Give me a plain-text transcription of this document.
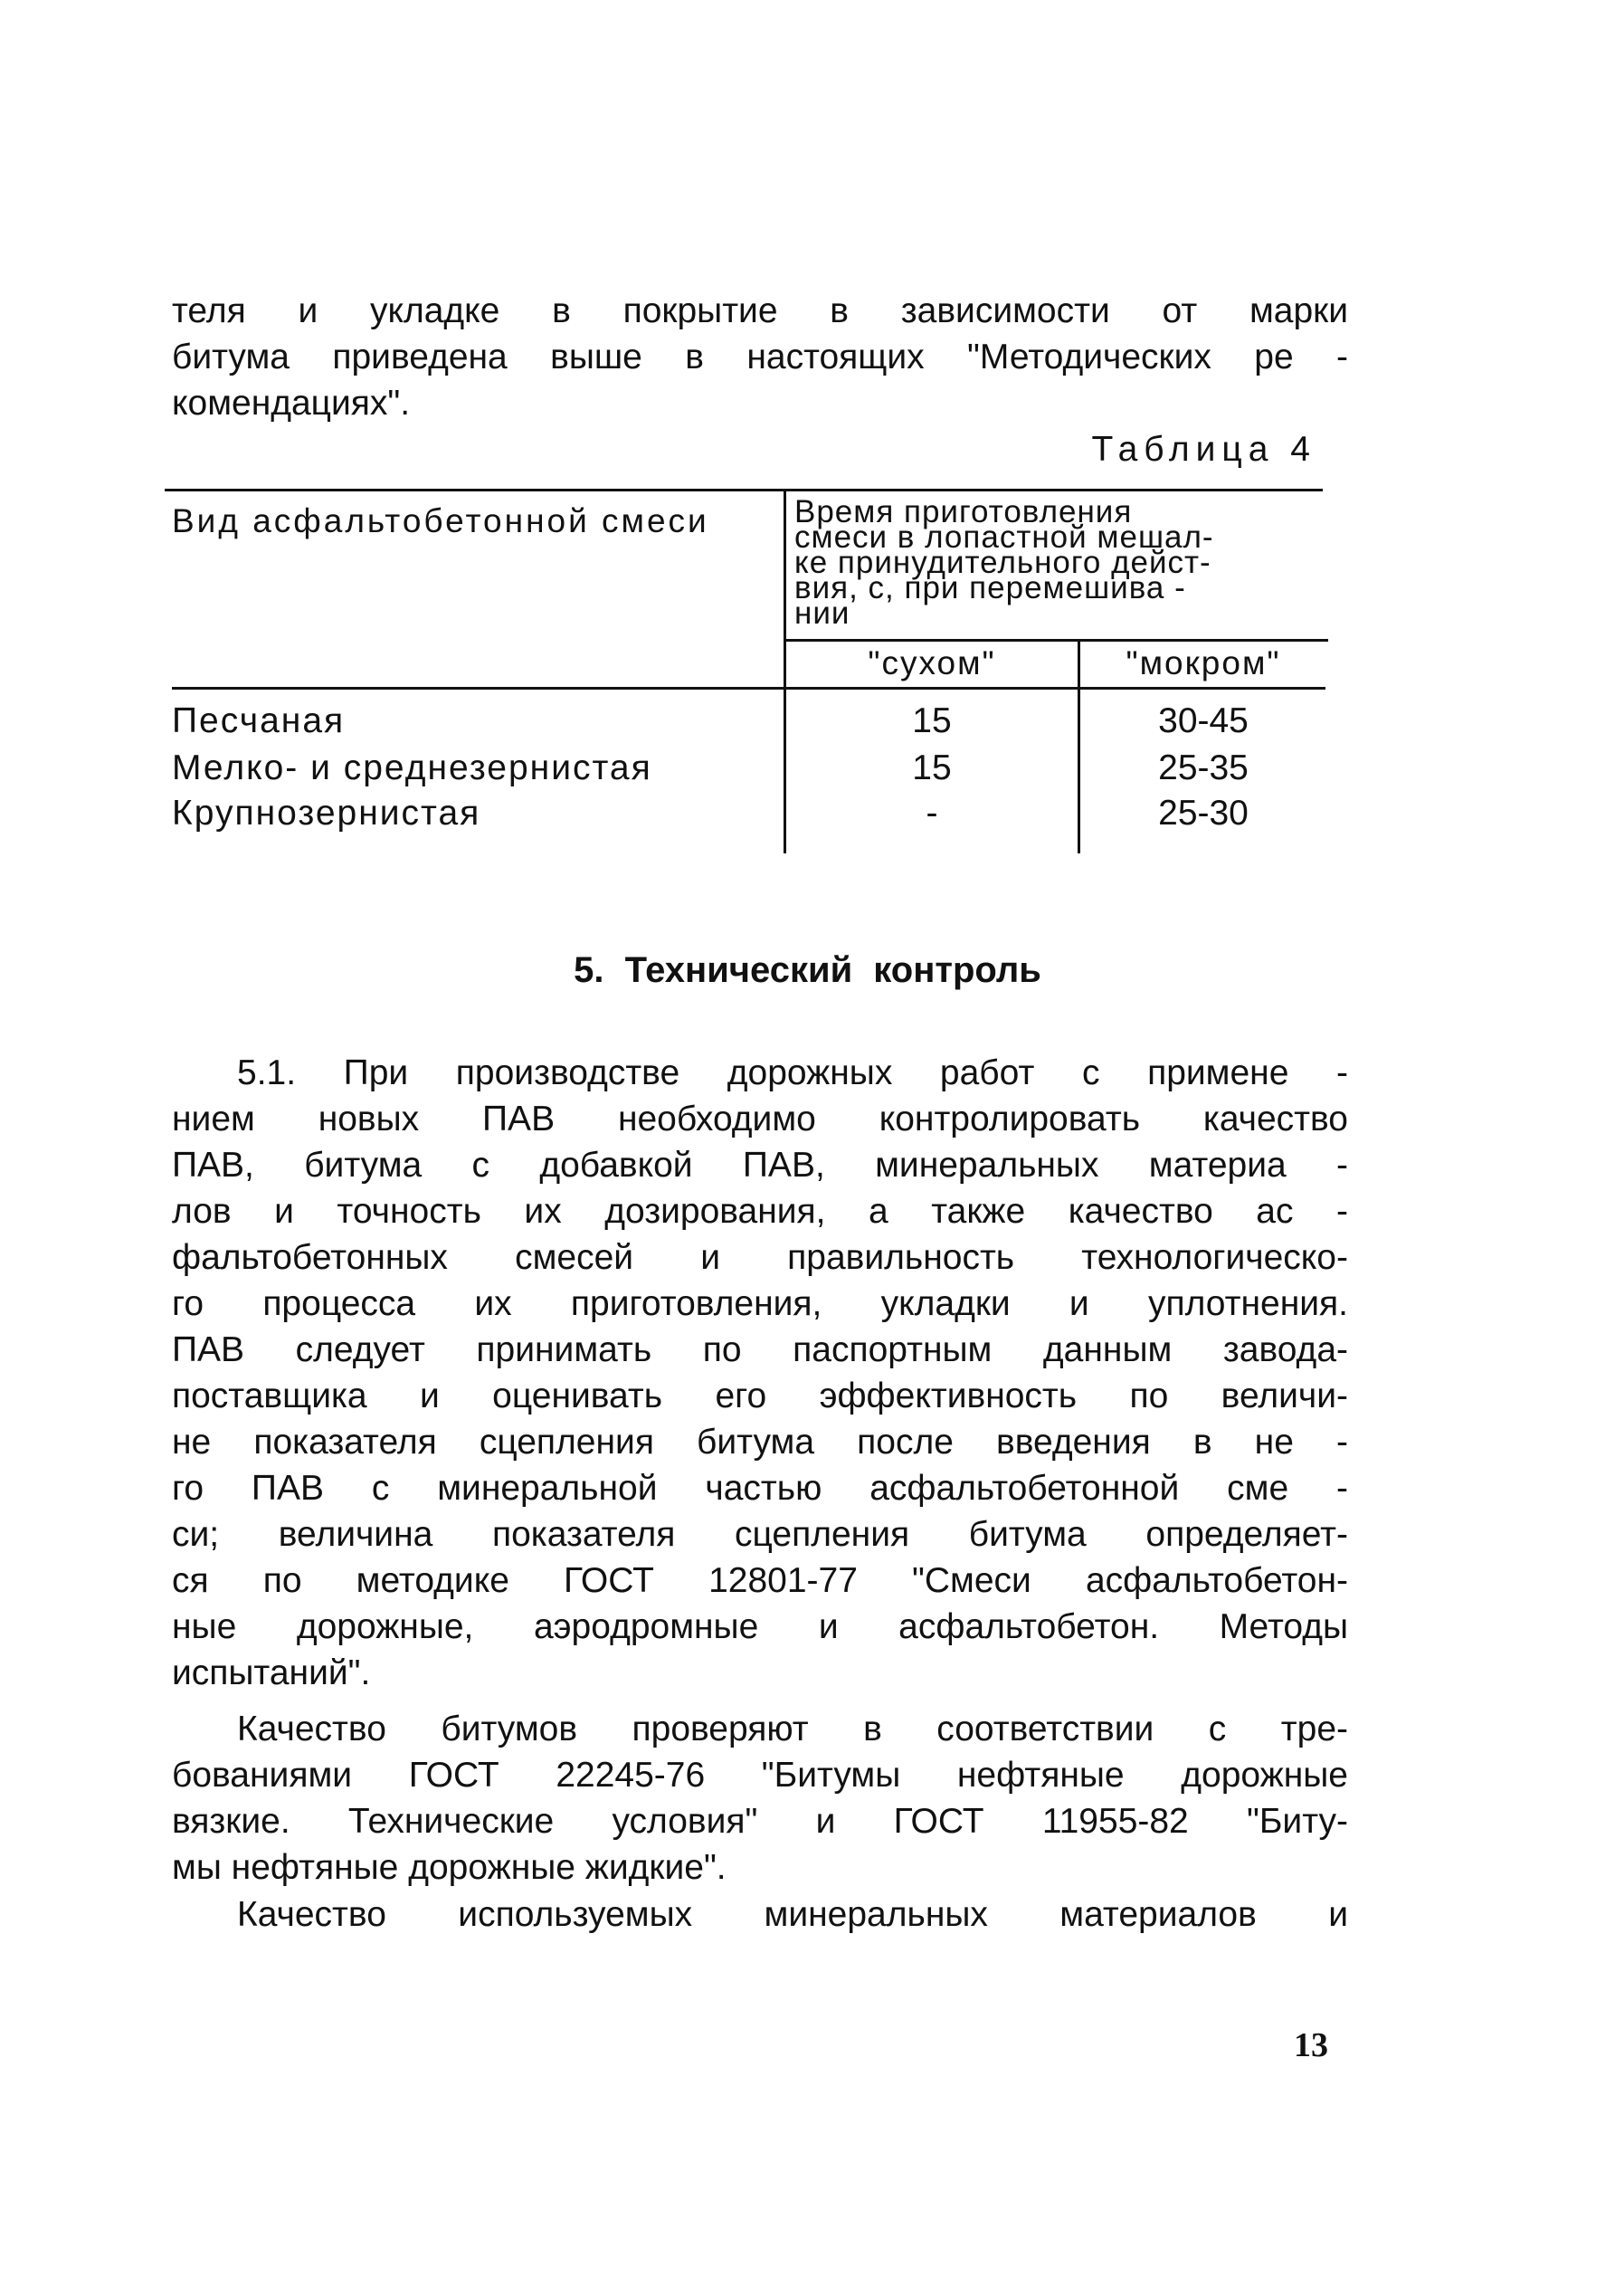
теля и укладке в покрытие в зависимости от марки
битума приведена выше в настоящих "Методических ре -
комендациях".
Таблица 4
Вид асфальтобетонной смеси	Время приготовления
смеси в лопастной мешал-
ке принудительного дейст-
вия, с, при перемешива -
нии
"сухом"	"мокром"
Песчаная	15	30-45
Мелко- и среднезернистая	15	25-35
Крупнозернистая	-	25-30
5. Технический контроль
5.1. При производстве дорожных работ с примене -
нием новых ПАВ необходимо контролировать качество
ПАВ, битума с добавкой ПАВ, минеральных материа -
лов и точность их дозирования, а также качество ас -
фальтобетонных смесей и правильность технологическо-
го процесса их приготовления, укладки и уплотнения.
ПАВ следует принимать по паспортным данным завода-
поставщика и оценивать его эффективность по величи-
не показателя сцепления битума после введения в не -
го ПАВ с минеральной частью асфальтобетонной сме -
си; величина показателя сцепления битума определяет-
ся по методике ГОСТ 12801-77 "Смеси асфальтобетон-
ные дорожные, аэродромные и асфальтобетон. Методы
испытаний".
Качество битумов проверяют в соответствии с тре-
бованиями ГОСТ 22245-76 "Битумы нефтяные дорожные
вязкие. Технические условия" и ГОСТ 11955-82 "Биту-
мы нефтяные дорожные жидкие".
Качество используемых минеральных материалов и
13
